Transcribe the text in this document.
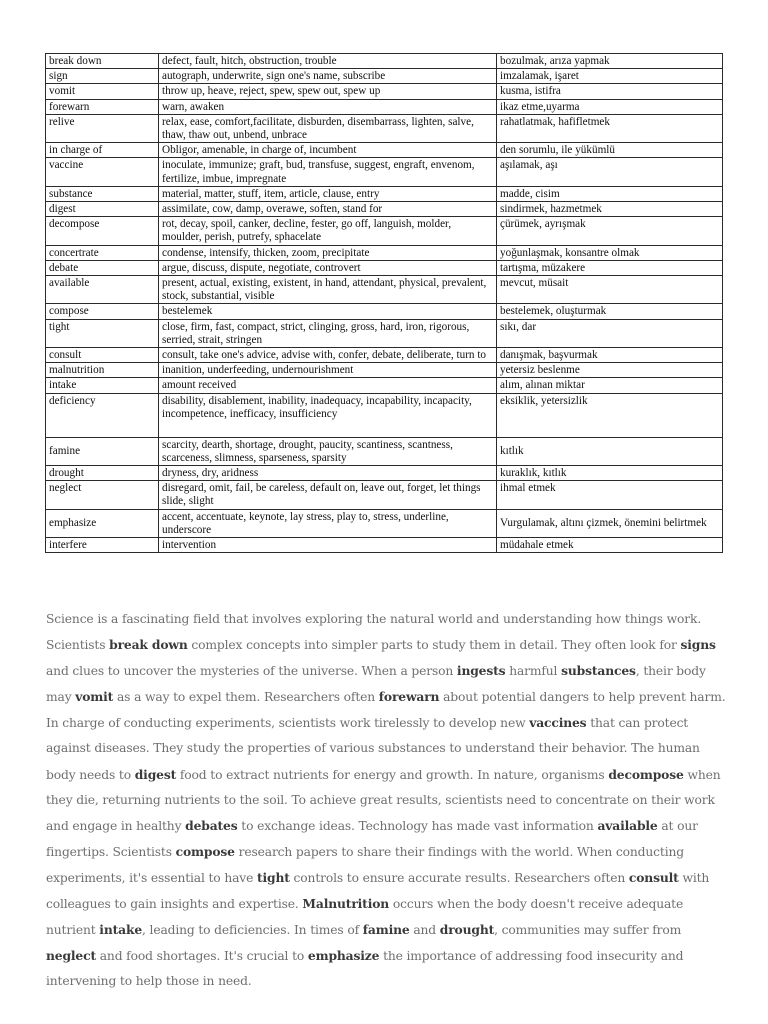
break down	defect, fault, hitch, obstruction, trouble	bozulmak, arıza yapmak
sign	autograph, underwrite, sign one's name, subscribe	imzalamak, işaret
vomit	throw up, heave, reject, spew, spew out, spew up	kusma, istifra
forewarn	warn, awaken	ikaz etme,uyarma
relive	relax, ease, comfort,facilitate, disburden, disembarrass, lighten, salve, thaw, thaw out, unbend, unbrace	rahatlatmak, hafifletmek
in charge of	Obligor, amenable, in charge of, incumbent	den sorumlu, ile yükümlü
vaccine	inoculate, immunize; graft, bud, transfuse, suggest, engraft, envenom, fertilize, imbue, impregnate	aşılamak, aşı
substance	material, matter, stuff, item, article, clause, entry	madde, cisim
digest	assimilate, cow, damp, overawe, soften, stand for	sindirmek, hazmetmek
decompose	rot, decay, spoil, canker, decline, fester, go off, languish, molder, moulder, perish, putrefy, sphacelate	çürümek, ayrışmak
concertrate	condense, intensify, thicken, zoom, precipitate	yoğunlaşmak, konsantre olmak
debate	argue, discuss, dispute, negotiate, controvert	tartışma, müzakere
available	present, actual, existing, existent, in hand, attendant, physical, prevalent, stock, substantial, visible	mevcut, müsait
compose	bestelemek	bestelemek, oluşturmak
tight	close, firm, fast, compact, strict, clinging, gross, hard, iron, rigorous, serried, strait, stringen	sıkı, dar
consult	consult, take one's advice, advise with, confer, debate, deliberate, turn to	danışmak, başvurmak
malnutrition	inanition, underfeeding, undernourishment	yetersiz beslenme
intake	amount received	alım, alınan miktar
deficiency	disability, disablement, inability, inadequacy, incapability, incapacity, incompetence, inefficacy, insufficiency	eksiklik, yetersizlik
famine	scarcity, dearth, shortage, drought, paucity, scantiness, scantness, scarceness, slimness, sparseness, sparsity	kıtlık
drought	dryness, dry, aridness	kuraklık, kıtlık
neglect	disregard, omit, fail, be careless, default on, leave out, forget, let things slide, slight	ihmal etmek
emphasize	accent, accentuate, keynote, lay stress, play to, stress, underline, underscore	Vurgulamak, altını çizmek, önemini belirtmek
interfere	intervention	müdahale etmek

Science is a fascinating field that involves exploring the natural world and understanding how things work. Scientists break down complex concepts into simpler parts to study them in detail. They often look for signs and clues to uncover the mysteries of the universe. When a person ingests harmful substances, their body may vomit as a way to expel them. Researchers often forewarn about potential dangers to help prevent harm. In charge of conducting experiments, scientists work tirelessly to develop new vaccines that can protect against diseases. They study the properties of various substances to understand their behavior. The human body needs to digest food to extract nutrients for energy and growth. In nature, organisms decompose when they die, returning nutrients to the soil. To achieve great results, scientists need to concentrate on their work and engage in healthy debates to exchange ideas. Technology has made vast information available at our fingertips. Scientists compose research papers to share their findings with the world. When conducting experiments, it's essential to have tight controls to ensure accurate results. Researchers often consult with colleagues to gain insights and expertise. Malnutrition occurs when the body doesn't receive adequate nutrient intake, leading to deficiencies. In times of famine and drought, communities may suffer from neglect and food shortages. It's crucial to emphasize the importance of addressing food insecurity and intervening to help those in need.
